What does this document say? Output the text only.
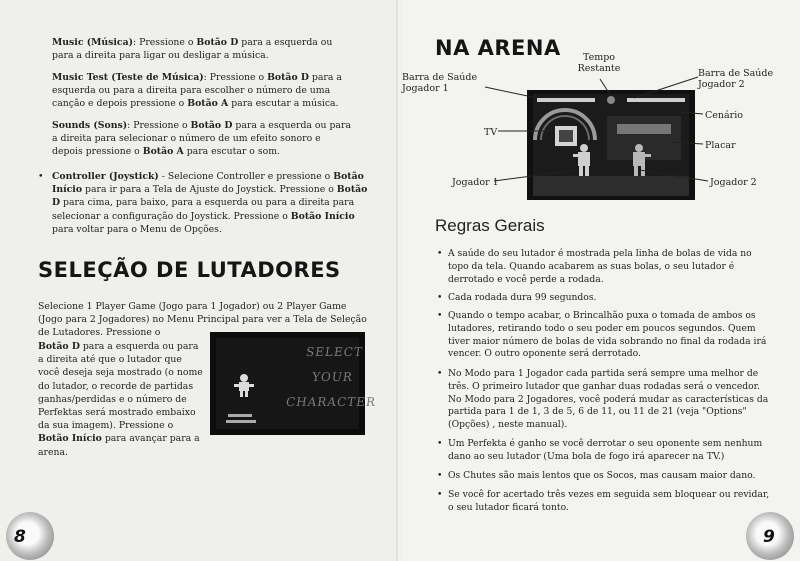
Music (Música): Pressione o Botão D para a esquerda ou para a direita para ligar ou desligar a música.
Music Test (Teste de Música): Pressione o Botão D para a esquerda ou para a direita para escolher o número de uma canção e depois pressione o Botão A para escutar a música.
Sounds (Sons): Pressione o Botão D para a esquerda ou para a direita para selecionar o número de um efeito sonoro e depois pressione o Botão A para escutar o som.
• Controller (Joystick) - Selecione Controller e pressione o Botão Início para ir para a Tela de Ajuste do Joystick. Pressione o Botão D para cima, para baixo, para a esquerda ou para a direita para selecionar a configuração do Joystick. Pressione o Botão Início para voltar para o Menu de Opções.
SELEÇÃO DE LUTADORES
Selecione 1 Player Game (Jogo para 1 Jogador) ou 2 Player Game (Jogo para 2 Jogadores) no Menu Principal para ver a Tela de Seleção de Lutadores. Pressione o
Botão D para a esquerda ou para a direita até que o lutador que você deseja seja mostrado (o nome do lutador, o recorde de partidas ganhas/perdidas e o número de Perfektas será mostrado embaixo da sua imagem). Pressione o Botão Início para avançar para a arena.
SELECT
YOUR
CHARACTER
8
NA ARENA	Tempo Restante
Barra de Saúde Jogador 1
Barra de Saúde Jogador 2
Cenário
TV
Placar
Jogador 1	Jogador 2
Regras Gerais
• A saúde do seu lutador é mostrada pela linha de bolas de vida no topo da tela. Quando acabarem as suas bolas, o seu lutador é derrotado e você perde a rodada.
• Cada rodada dura 99 segundos.
• Quando o tempo acabar, o Brincalhão puxa o tomada de ambos os lutadores, retirando todo o seu poder em poucos segundos. Quem tiver maior número de bolas de vida sobrando no final da rodada irá vencer. O outro oponente será derrotado.
• No Modo para 1 Jogador cada partida será sempre uma melhor de três. O primeiro lutador que ganhar duas rodadas será o vencedor. No Modo para 2 Jogadores, você poderá mudar as características da partida para 1 de 1, 3 de 5, 6 de 11, ou 11 de 21 (veja "Options" (Opções) , neste manual).
• Um Perfekta é ganho se você derrotar o seu oponente sem nenhum dano ao seu lutador (Uma bola de fogo irá aparecer na TV.)
• Os Chutes são mais lentos que os Socos, mas causam maior dano.
• Se você for acertado três vezes em seguida sem bloquear ou revidar, o seu lutador ficará tonto.
9
